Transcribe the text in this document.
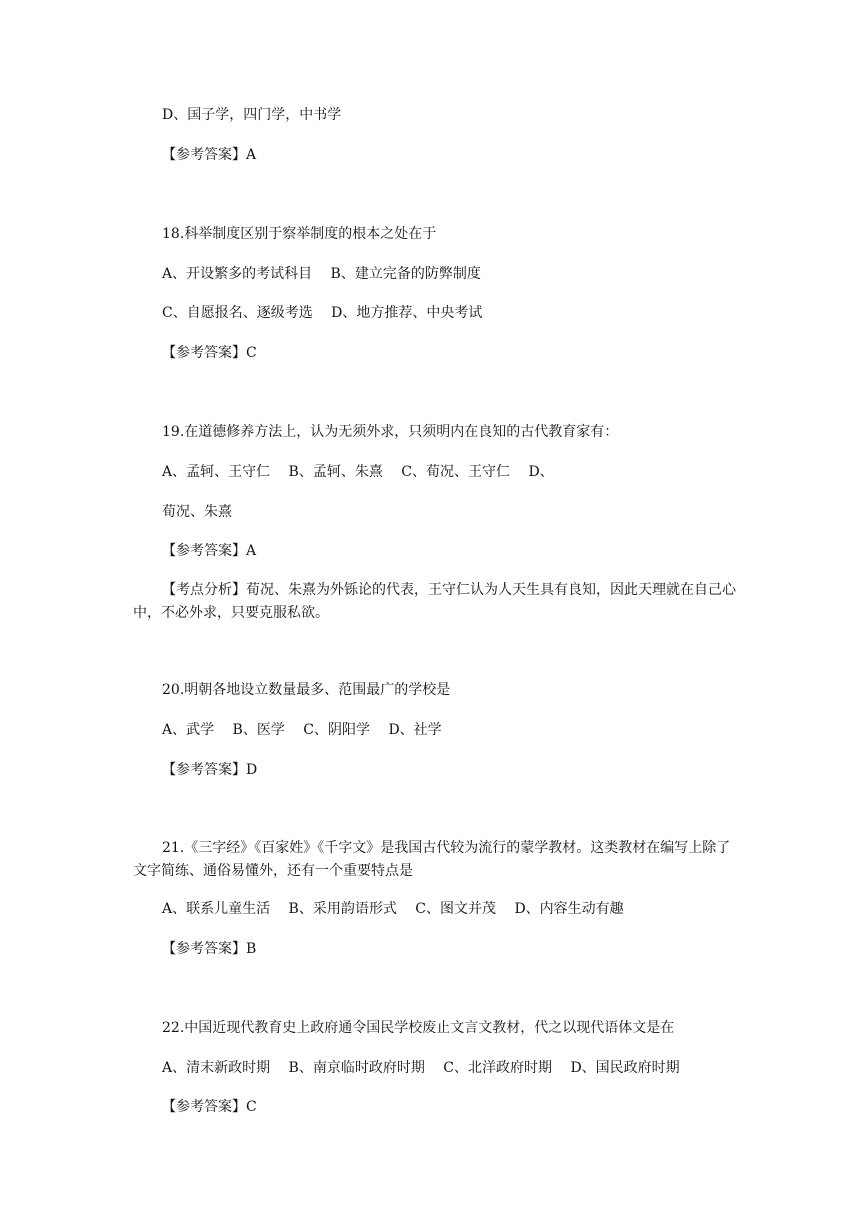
D、国子学，四门学，中书学
【参考答案】A
18.科举制度区别于察举制度的根本之处在于
A、开设繁多的考试科目　 B、建立完备的防弊制度
C、自愿报名、逐级考选　 D、地方推荐、中央考试
【参考答案】C
19.在道德修养方法上，认为无须外求，只须明内在良知的古代教育家有：
A、孟轲、王守仁　 B、孟轲、朱熹　 C、荀况、王守仁　 D、
荀况、朱熹
【参考答案】A
【考点分析】荀况、朱熹为外铄论的代表，王守仁认为人天生具有良知，因此天理就在自己心中，不必外求，只要克服私欲。
20.明朝各地设立数量最多、范围最广的学校是
A、武学　 B、医学　 C、阴阳学　 D、社学
【参考答案】D
21.《三字经》《百家姓》《千字文》是我国古代较为流行的蒙学教材。这类教材在编写上除了文字简练、通俗易懂外，还有一个重要特点是
A、联系儿童生活　 B、采用韵语形式　 C、图文并茂　 D、内容生动有趣
【参考答案】B
22.中国近现代教育史上政府通令国民学校废止文言文教材，代之以现代语体文是在
A、清末新政时期　 B、南京临时政府时期　 C、北洋政府时期　 D、国民政府时期
【参考答案】C
